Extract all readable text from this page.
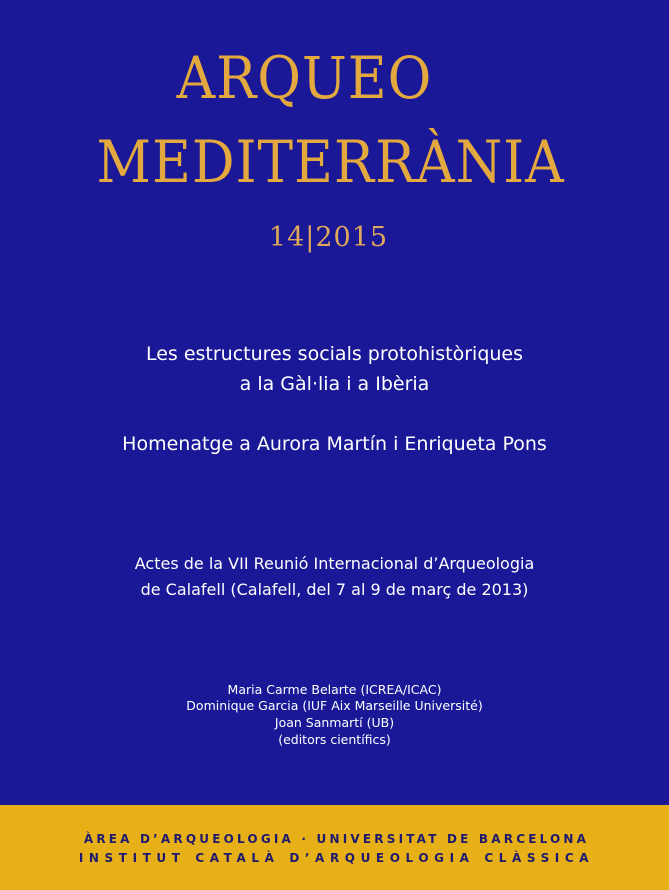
ARQUEO
MEDITERRÀNIA
14|2015
Les estructures socials protohistòriques
a la Gàl·lia i a Ibèria
Homenatge a Aurora Martín i Enriqueta Pons
Actes de la VII Reunió Internacional d’Arqueologia
de Calafell (Calafell, del 7 al 9 de març de 2013)
Maria Carme Belarte (ICREA/ICAC)
Dominique Garcia (IUF Aix Marseille Université)
Joan Sanmartí (UB)
(editors científics)
ÀREA D’ARQUEOLOGIA · UNIVERSITAT DE BARCELONA
INSTITUT CATALÀ D’ARQUEOLOGIA CLÀSSICA
